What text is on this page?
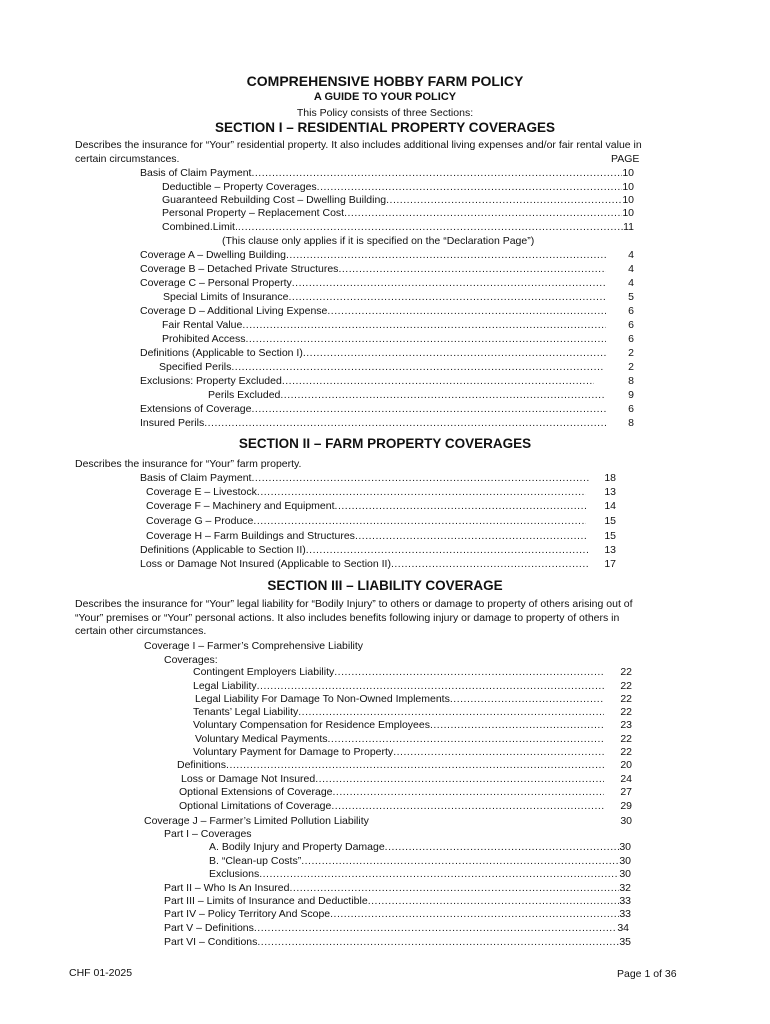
COMPREHENSIVE HOBBY FARM POLICY
A GUIDE TO YOUR POLICY
This Policy consists of three Sections:
SECTION I – RESIDENTIAL PROPERTY COVERAGES
Describes the insurance for “Your” residential property. It also includes additional living expenses and/or fair rental value in
certain circumstances.	PAGE
Basis of Claim Payment .....	10
Deductible – Property Coverages .....	10
Guaranteed Rebuilding Cost – Dwelling Building .....	10
Personal Property – Replacement Cost .....	10
Combined.Limit. .....	11
(This clause only applies if it is specified on the “Declaration Page”)
Coverage A – Dwelling Building .....	4
Coverage B – Detached Private Structures .....	4
Coverage C – Personal Property .....	4
Special Limits of Insurance .....	5
Coverage D – Additional Living Expense .....	6
Fair Rental Value .....	6
Prohibited Access .....	6
Definitions (Applicable to Section I) .....	2
Specified Perils .....	2
Exclusions: Property Excluded .....	8
Perils Excluded .....	9
Extensions of Coverage .....	6
Insured Perils .....	8
SECTION II – FARM PROPERTY COVERAGES
Describes the insurance for “Your” farm property.
Basis of Claim Payment .....	18
Coverage E – Livestock .....	13
Coverage F – Machinery and Equipment .....	14
Coverage G – Produce .....	15
Coverage H – Farm Buildings and Structures .....	15
Definitions (Applicable to Section II) .....	13
Loss or Damage Not Insured (Applicable to Section II) .....	17
SECTION III – LIABILITY COVERAGE
Describes the insurance for “Your” legal liability for “Bodily Injury” to others or damage to property of others arising out of
“Your” premises or “Your” personal actions. It also includes benefits following injury or damage to property of others in
certain other circumstances.
Coverage I – Farmer’s Comprehensive Liability
Coverages:
Contingent Employers Liability .....	22
Legal Liability .....	22
Legal Liability For Damage To Non-Owned Implements .....	22
Tenants’ Legal Liability .....	22
Voluntary Compensation for Residence Employees .....	23
Voluntary Medical Payments .....	22
Voluntary Payment for Damage to Property .....	22
Definitions .....	20
Loss or Damage Not Insured .....	24
Optional Extensions of Coverage .....	27
Optional Limitations of Coverage .....	29
Coverage J – Farmer’s Limited Pollution Liability	30
Part I – Coverages
A. Bodily Injury and Property Damage .....	30
B. “Clean-up Costs” .....	30
Exclusions .....	30
Part II – Who Is An Insured .....	32
Part III – Limits of Insurance and Deductible .....	33
Part IV – Policy Territory And Scope .....	33
Part V – Definitions .....	34
Part VI – Conditions .....	35
CHF 01-2025	Page 1 of 36
